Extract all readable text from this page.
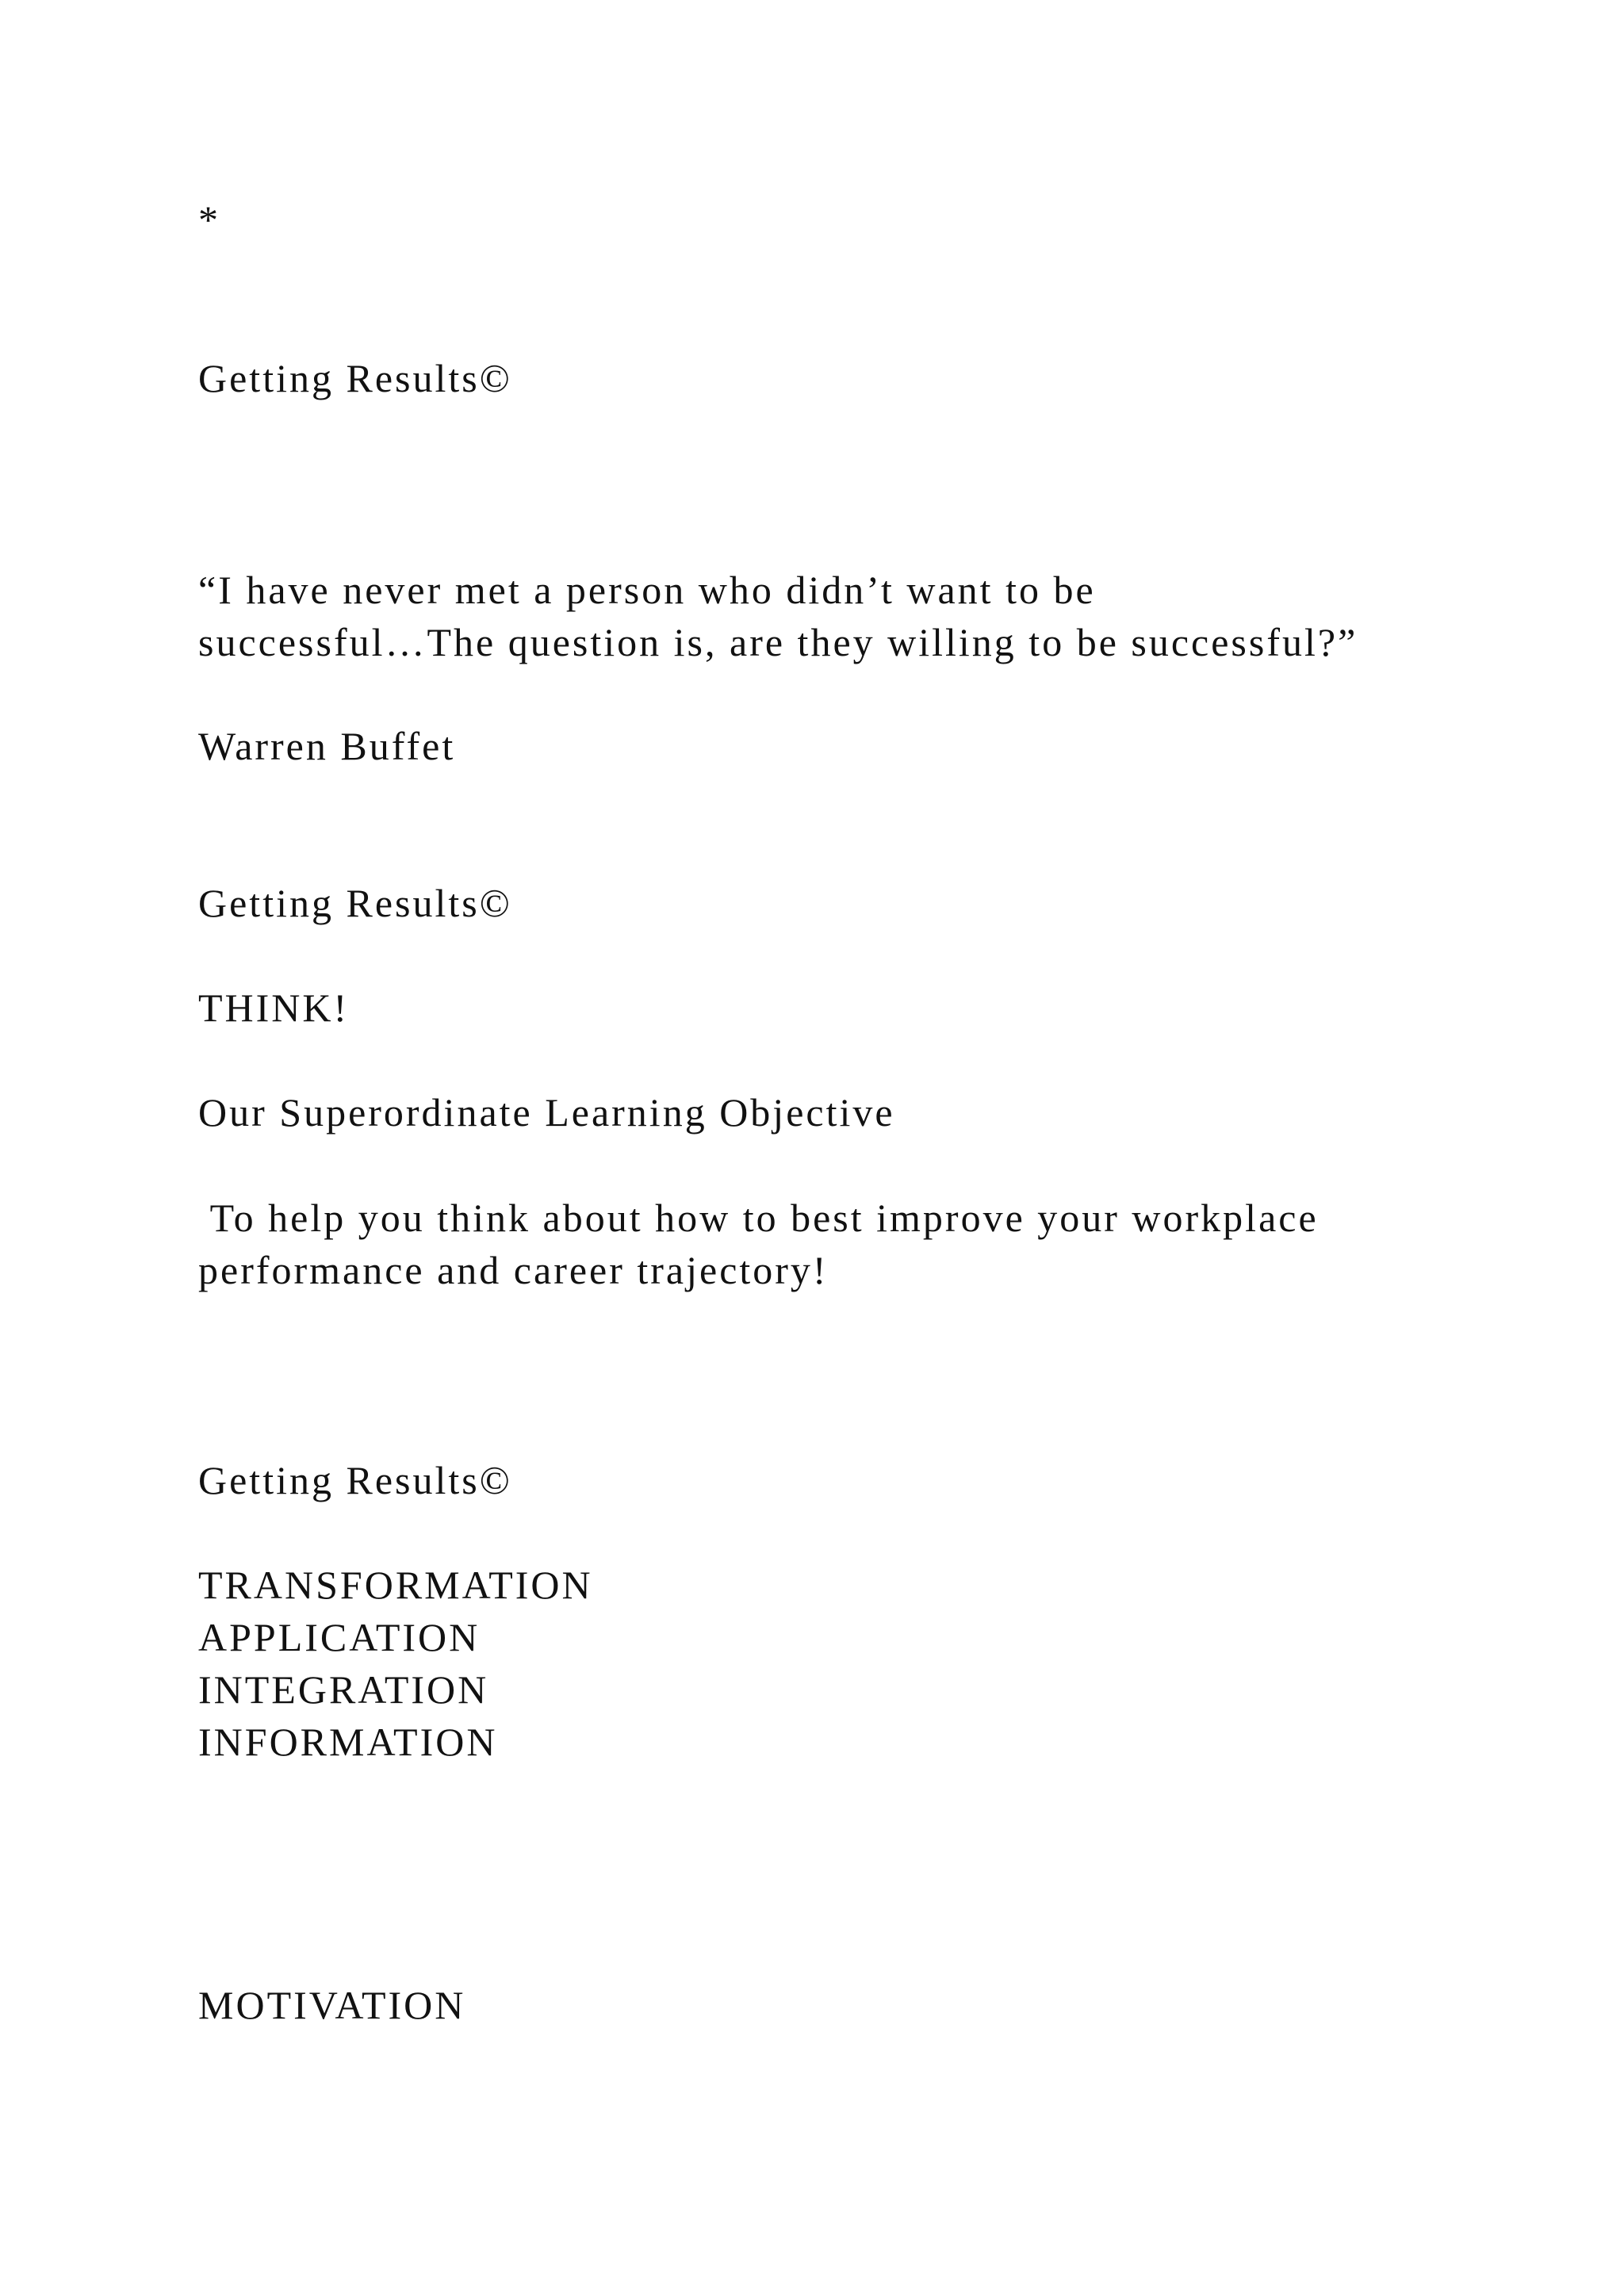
*

Getting Results©

“I have never met a person who didn’t want to be

successful…The question is, are they willing to be successful?”

Warren Buffet

Getting Results©

THINK!

Our Superordinate Learning Objective

To help you think about how to best improve your workplace

performance and career trajectory!

Getting Results©

TRANSFORMATION

APPLICATION

INTEGRATION

INFORMATION

MOTIVATION
